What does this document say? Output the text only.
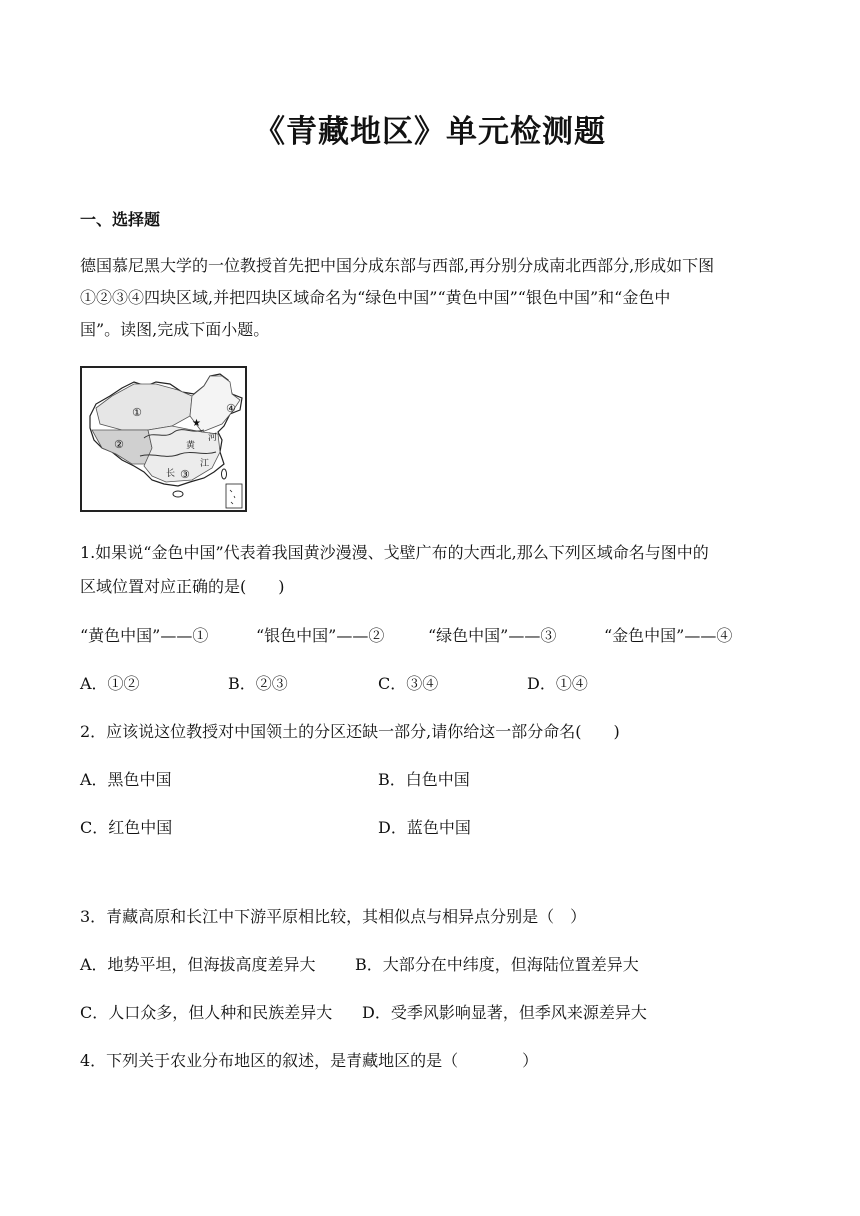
《青藏地区》单元检测题
一、选择题

德国慕尼黑大学的一位教授首先把中国分成东部与西部,再分别分成南北西部分,形成如下图

①②③④四块区域,并把四块区域命名为“绿色中国”“黄色中国”“银色中国”和“金色中

国”。读图,完成下面小题。

★
①
②
③
④
长
江
黄
河
1.如果说“金色中国”代表着我国黄沙漫漫、戈壁广布的大西北,那么下列区域命名与图中的
区域位置对应正确的是(　　)
“黄色中国”——①	“银色中国”——②	“绿色中国”——③	“金色中国”——④
A．①②	B．②③	C．③④	D．①④
2．应该说这位教授对中国领土的分区还缺一部分,请你给这一部分命名(　　)
A．黑色中国	B．白色中国
C．红色中国	D．蓝色中国
3．青藏高原和长江中下游平原相比较，其相似点与相异点分别是（　）
A．地势平坦，但海拔高度差异大 B．大部分在中纬度，但海陆位置差异大
C．人口众多，但人种和民族差异大 D．受季风影响显著，但季风来源差异大
4．下列关于农业分布地区的叙述，是青藏地区的是（　　　　）
